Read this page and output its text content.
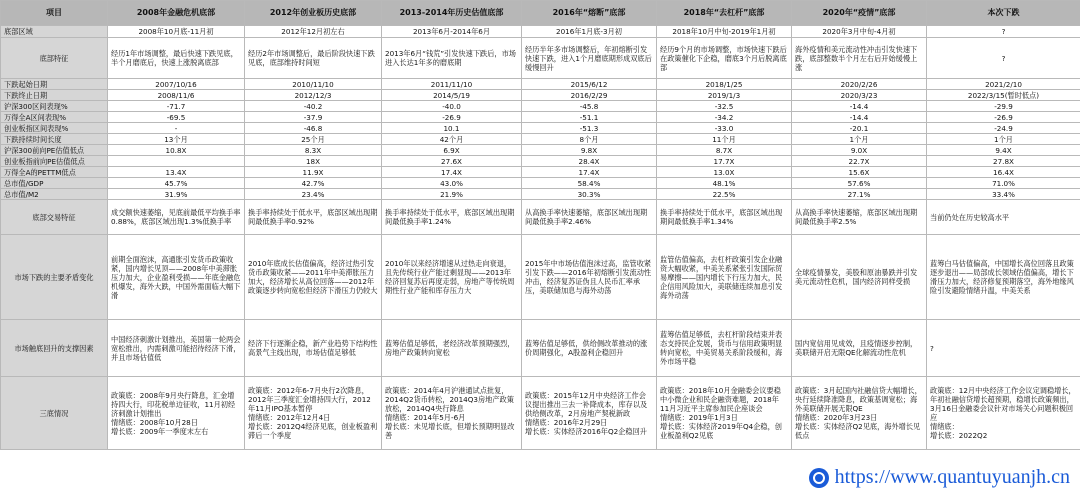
项目	2008年金融危机底部	2012年创业板历史底部	2013-2014年历史估值底部	2016年“熔断”底部	2018年“去杠杆”底部	2020年“疫情”底部	本次下跌
底部区域	2008年10月底-11月初	2012年12月初左右	2013年6月-2014年6月	2016年1月底-3月初	2018年10月中旬-2019年1月初	2020年3月中旬-4月初	?
底部特征	经历1年市场调整，最后快速下跌见底，半个月磨底后，快速上涨脱离底部	经历2年市场调整后，最后阶段快速下跌见底，底部维持时间短	2013年6月“钱荒”引发快速下跌后，市场进入长达1年多的磨底期	经历半年多市场调整后，年初熔断引发快速下跌，进入1个月磨底期形成双底后缓慢回升	经历9个月的市场调整，市场快速下跌后在政策催化下企稳，磨底3个月后脱离底部	海外疫情和美元流动性冲击引发快速下跌，底部整数半个月左右后开始缓慢上涨	?
下跌起始日期	2007/10/16	2010/11/10	2011/11/10	2015/6/12	2018/1/25	2020/2/26	2021/2/10
下跌终止日期	2008/11/6	2012/12/3	2014/5/19	2016/2/29	2019/1/3	2020/3/23	2022/3/15(暂时低点)
沪深300区间表现%	-71.7	-40.2	-40.0	-45.8	-32.5	-14.4	-29.9
万得全A区间表现%	-69.5	-37.9	-26.9	-51.1	-34.2	-14.4	-26.9
创业板指区间表现%	-	-46.8	10.1	-51.3	-33.0	-20.1	-24.9
下跌持续时间长度	13个月	25个月	42个月	8个月	11个月	1个月	1个月
沪深300前向PE估值低点	10.8X	8.3X	6.9X	9.8X	8.7X	9.0X	9.4X
创业板指前向PE估值低点		18X	27.6X	28.4X	17.7X	22.7X	27.8X
万得全A的PETTM低点	13.4X	11.9X	17.4X	17.4X	13.0X	15.6X	16.4X
总市值/GDP	45.7%	42.7%	43.0%	58.4%	48.1%	57.6%	71.0%
总市值/M2	31.9%	23.4%	21.9%	30.3%	22.5%	27.1%	33.4%
底部交易特征	成交额快速萎缩，见底前最低平均换手率0.88%，底部区域出现1.3%低换手率	换手率持续处于低水平，底部区域出现期间最低换手率0.92%	换手率持续处于低水平，底部区域出现期间最低换手率1.24%	从高换手率快速萎缩，底部区域出现期间最低换手率2.46%	换手率持续处于低水平，底部区域出现期间最低换手率1.34%	从高换手率快速萎缩，底部区域出现期间最低换手率2.5%	当前仍处在历史较高水平
市场下跌的主要矛盾变化	前期全面泡沫，高通胀引发货币政策收紧，国内增长见顶——2008年中美滞胀压力加大，企业盈利受损——年底金融危机爆发，海外大跌，中国外需面临大幅下滑	2010年底成长估值偏高，经济过热引发货币政策收紧——2011年中美滞胀压力加大，经济增长从高位回落——2012年政策逐步转向宽松但经济下滑压力仍较大	2010年以来经济增速从过热走向衰退，且先传统行业产能过剩显现——2013年经济回复苏后再度走弱，房地产等传统周期性行业产能和库存压力大	2015年中市场估值泡沫过高，监管收紧引发下跌——2016年初熔断引发流动性冲击，经济复苏证伪且人民币汇率承压，美联储加息与海外动荡	监管估值偏高，去杠杆政策引发企业融资大幅收紧，中美关系紧张引发国际贸易摩擦——国内增长下行压力加大，民企信用风险加大，美联储连续加息引发海外动荡	全球疫情暴发，美股和原油暴跌并引发美元流动性危机，国内经济同样受损	蓝筹白马估值偏高，中国增长高位回落且政策逐步退出——局部成长领域估值偏高，增长下滑压力加大，经济修复预期落空，海外地缘风险引发避险情绪升温，中美关系
市场触底回升的支撑因素	中国经济刺激计划推出，美国第一轮两会宽松推出，内需刺激可能招待经济下滑，并且市场估值低	经济下行逐渐企稳，新产业趋势下结构性高景气主线出现，市场估值足够低	蓝筹估值足够低，老经济改革预期强烈，房地产政策转向宽松	蓝筹估值足够低，供给侧改革推动的涨价周期强化，A股盈利企稳回升	蓝筹估值足够低，去杠杆阶段结束并表态支持民企发展，货币与信用政策明显转向宽松，中美贸易关系阶段缓和，海外市场平稳	国内宽信用见成效，且疫情逐步控制，美联储开启无限QE化解流动性危机	?
三底情况	政策底：2008年9月央行降息，汇金增持四大行，印花税单边征收，11月初经济刺激计划推出
情绪底：2008年10月28日
增长底：2009年一季度末左右	政策底：2012年6-7月央行2次降息，2012年三季度汇金增持四大行，2012年11月IPO基本暂停
情绪底：2012年12月4日
增长底：2012Q4经济见底，创业板盈利滞后一个季度	政策底：2014年4月沪港通试点批复，2014Q2货币转松，2014Q3房地产政策放松，2014Q4央行降息
情绪底：2014年5月-6月
增长底：未见增长底，但增长预期明显改善	政策底：2015年12月中央经济工作会议提出推出三去一补降成本，库存以及供给侧改革，2月房地产契税新政
情绪底：2016年2月29日
增长底：实体经济2016年Q2企稳回升	政策底：2018年10月金融委会议要稳中小微企业和民企融资难题，2018年11月习近平主席参加民企座谈会
情绪底：2019年1月3日
增长底：实体经济2019年Q4企稳，创业板盈利Q2见底	政策底：3月起国内社融信贷大幅增长，央行延续降准降息，政策基调宽松；海外美联储开展无限QE
情绪底：2020年3月23日
增长底：实体经济Q2见底，海外增长见低点	政策底：12月中央经济工作会议定调稳增长，年初社融信贷增长超预期，稳增长政策频出，3月16日金融委会议针对市场关心问题积极回应
情绪底：
增长底：2022Q2
https://www.quantuyuanjh.cn
